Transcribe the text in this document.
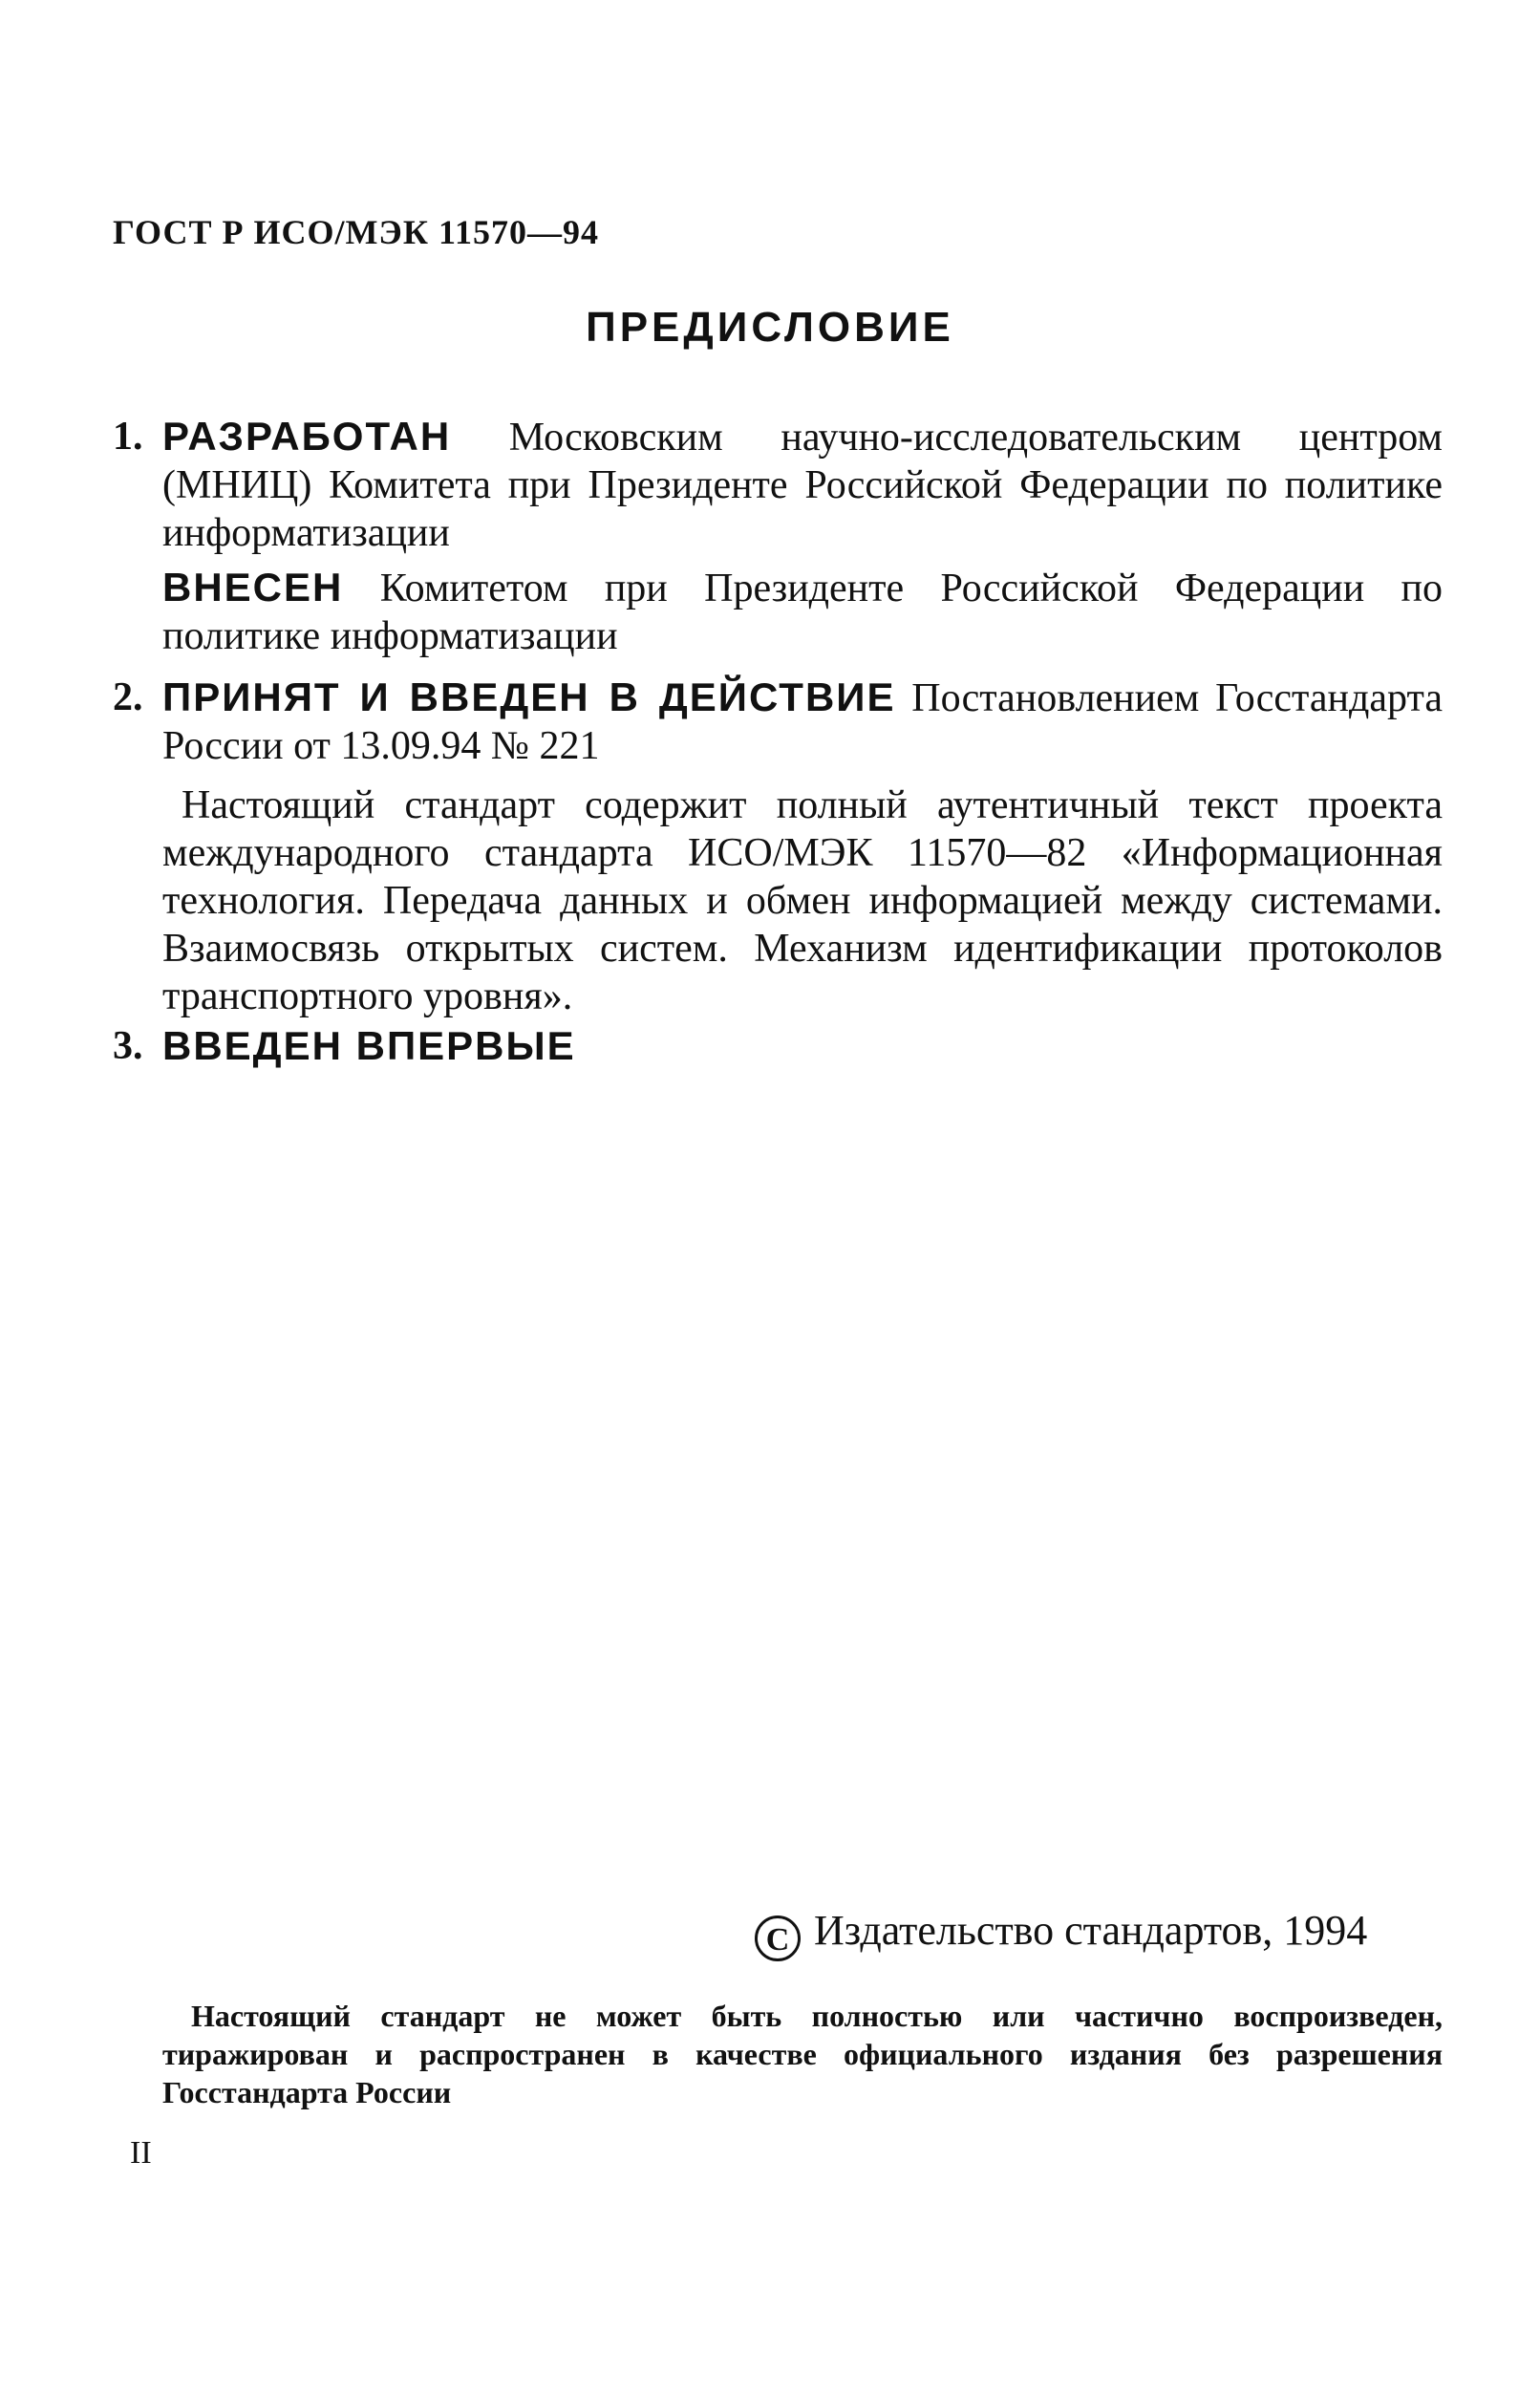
ГОСТ Р ИСО/МЭК 11570—94
ПРЕДИСЛОВИЕ
1. РАЗРАБОТАН Московским научно-исследовательским центром (МНИЦ) Комитета при Президенте Российской Федерации по политике информатизации
ВНЕСЕН Комитетом при Президенте Российской Федерации по политике информатизации
2. ПРИНЯТ И ВВЕДЕН В ДЕЙСТВИЕ Постановлением Госстандарта России от 13.09.94 № 221
Настоящий стандарт содержит полный аутентичный текст проекта международного стандарта ИСО/МЭК 11570—82 «Информационная технология. Передача данных и обмен информацией между системами. Взаимосвязь открытых систем. Механизм идентификации протоколов транспортного уровня».
3. ВВЕДЕН ВПЕРВЫЕ
C Издательство стандартов, 1994
Настоящий стандарт не может быть полностью или частично воспроизведен, тиражирован и распространен в качестве официального издания без разрешения Госстандарта России
II
